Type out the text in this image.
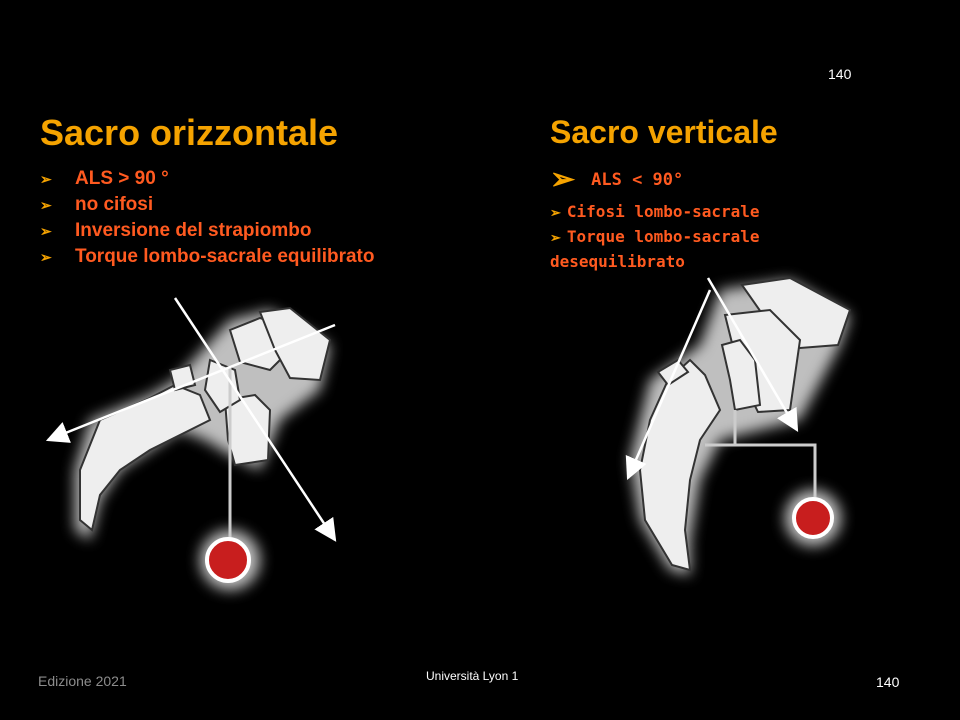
140
Sacro orizzontale
➢ ALS > 90 °
➢ no cifosi
➢ Inversione del strapiombo
➢ Torque lombo-sacrale equilibrato
Sacro verticale
➢ ALS < 90°
➢ Cifosi lombo-sacrale
➢ Torque lombo-sacrale
desequilibrato
Edizione 2021	Università Lyon 1	140
